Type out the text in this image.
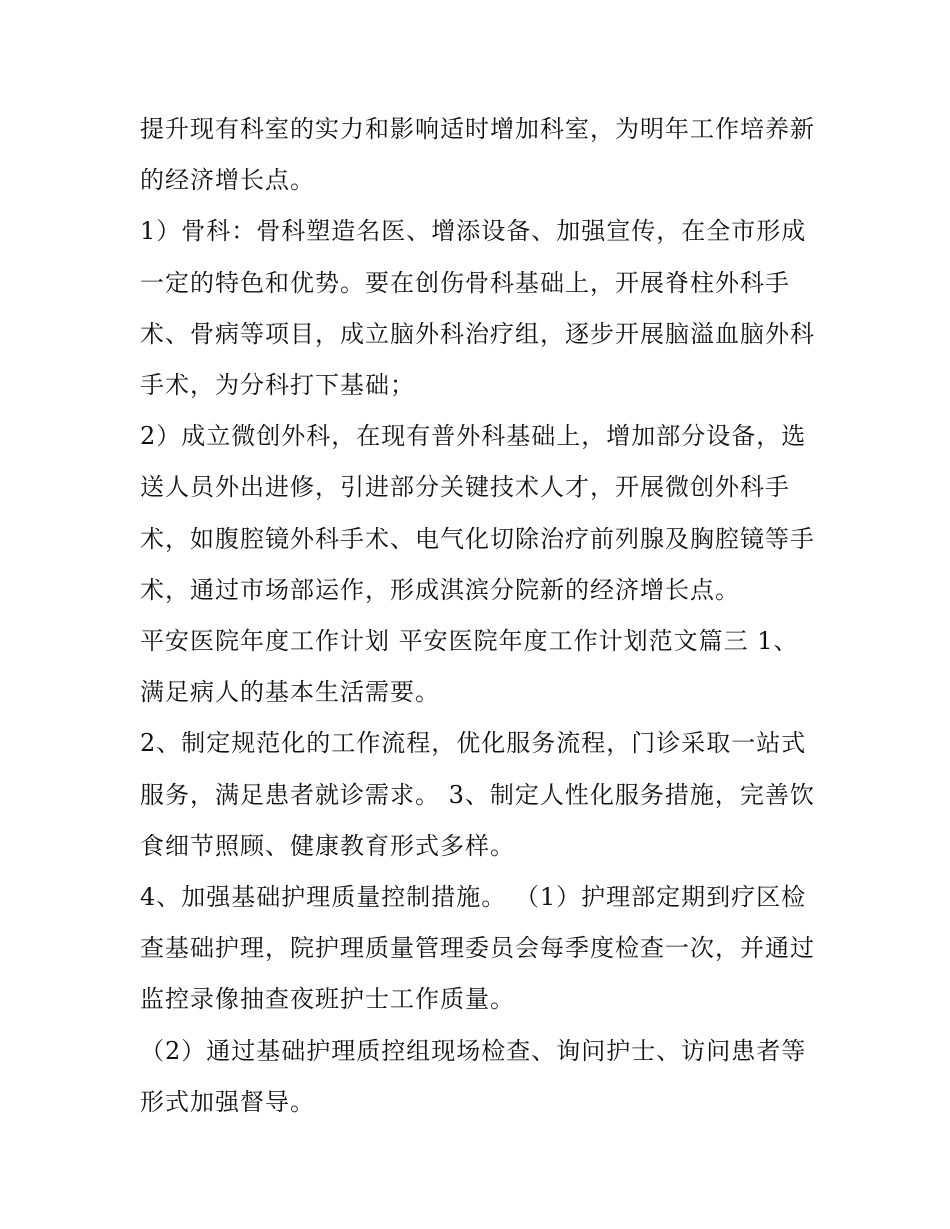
提升现有科室的实力和影响适时增加科室，为明年工作培养新的经济增长点。

1）骨科：骨科塑造名医、增添设备、加强宣传，在全市形成一定的特色和优势。要在创伤骨科基础上，开展脊柱外科手术、骨病等项目，成立脑外科治疗组，逐步开展脑溢血脑外科手术，为分科打下基础；

2）成立微创外科，在现有普外科基础上，增加部分设备，选送人员外出进修，引进部分关键技术人才，开展微创外科手术，如腹腔镜外科手术、电气化切除治疗前列腺及胸腔镜等手术，通过市场部运作，形成淇滨分院新的经济增长点。

平安医院年度工作计划 平安医院年度工作计划范文篇三 1、满足病人的基本生活需要。

2、制定规范化的工作流程，优化服务流程，门诊采取一站式服务，满足患者就诊需求。 3、制定人性化服务措施，完善饮食细节照顾、健康教育形式多样。

4、加强基础护理质量控制措施。 （1）护理部定期到疗区检查基础护理，院护理质量管理委员会每季度检查一次，并通过监控录像抽查夜班护士工作质量。

（2）通过基础护理质控组现场检查、询问护士、访问患者等形式加强督导。
